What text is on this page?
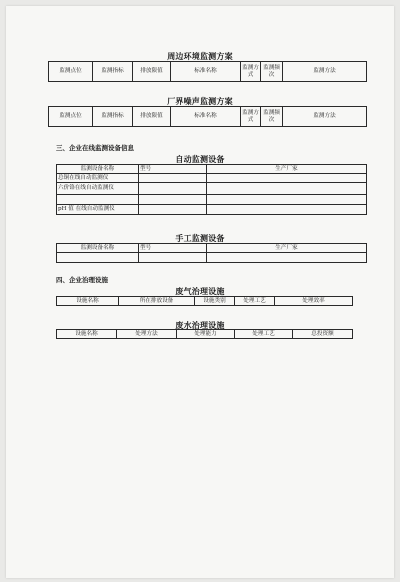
周边环境监测方案
监测点位	监测指标	排放限值	标准名称	监测方式	监测频次	监测方法
厂界噪声监测方案
监测点位	监测指标	排放限值	标准名称	监测方式	监测频次	监测方法
三、企业在线监测设备信息
自动监测设备
监测设备名称	型号	生产厂家
总铜在线自动监测仪		
六价铬在线自动监测仪		

pH 值 在线自动监测仪		
手工监测设备
监测设备名称	型号	生产厂家

四、企业治理设施
废气治理设施
设施名称	所在排放设备	设施类别	处理工艺	处理效率
废水治理设施
设施名称	处理方法	处理能力	处理工艺	总投资额
